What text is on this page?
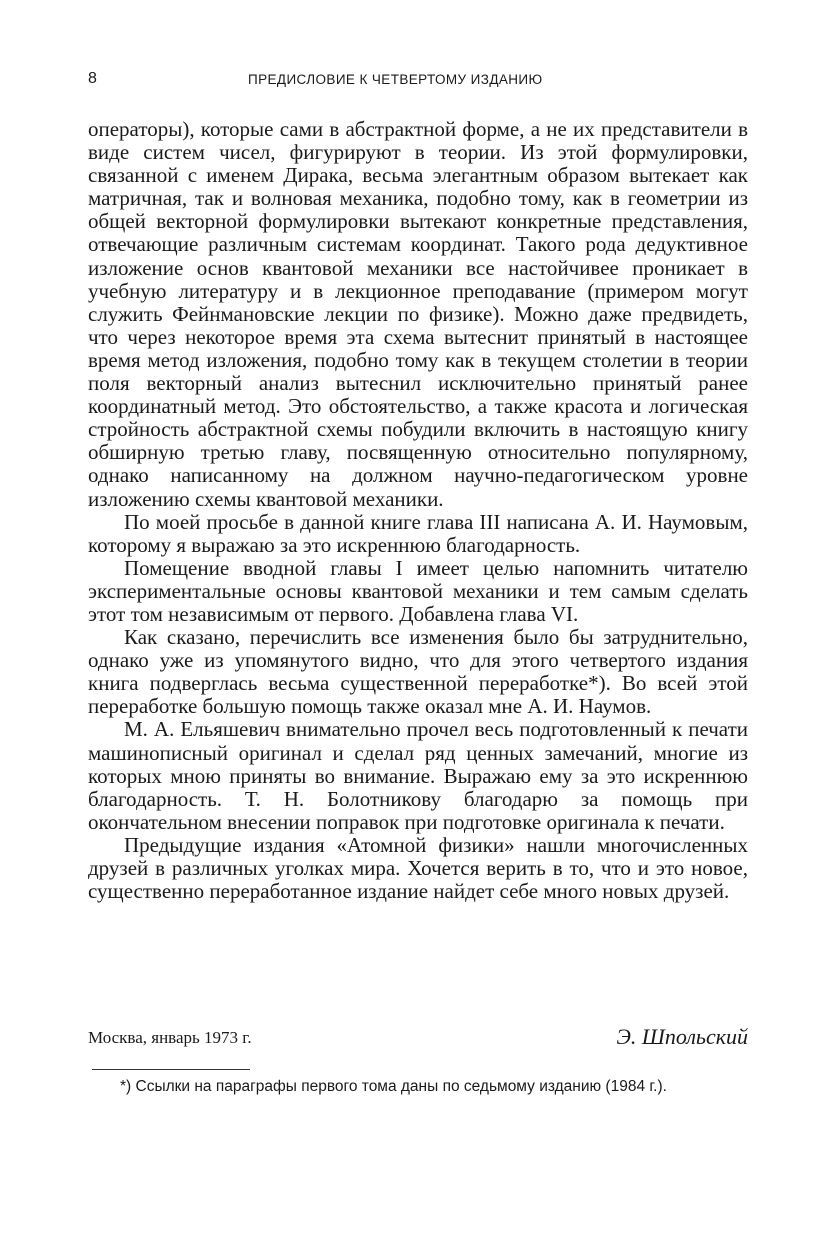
8	ПРЕДИСЛОВИЕ К ЧЕТВЕРТОМУ ИЗДАНИЮ

операторы), которые сами в абстрактной форме, а не их представители в виде систем чисел, фигурируют в теории. Из этой формулировки, связанной с именем Дирака, весьма элегантным образом вытекает как матричная, так и волновая механика, подобно тому, как в геометрии из общей векторной формулировки вытекают конкретные представления, отвечающие различным системам координат. Такого рода дедуктивное изложение основ квантовой механики все настойчивее проникает в учебную литературу и в лекционное преподавание (примером могут служить Фейнмановские лекции по физике). Можно даже предвидеть, что через некоторое время эта схема вытеснит принятый в настоящее время метод изложения, подобно тому как в текущем столетии в теории поля векторный анализ вытеснил исключительно принятый ранее координатный метод. Это обстоятельство, а также красота и логическая стройность абстрактной схемы побудили включить в настоящую книгу обширную третью главу, посвященную относительно популярному, однако написанному на должном научно-педагогическом уровне изложению схемы квантовой механики.

По моей просьбе в данной книге глава III написана А. И. Наумовым, которому я выражаю за это искреннюю благодарность.

Помещение вводной главы I имеет целью напомнить читателю экспериментальные основы квантовой механики и тем самым сделать этот том независимым от первого. Добавлена глава VI.

Как сказано, перечислить все изменения было бы затруднительно, однако уже из упомянутого видно, что для этого четвертого издания книга подверглась весьма существенной переработке*). Во всей этой переработке большую помощь также оказал мне А. И. Наумов.

М. А. Ельяшевич внимательно прочел весь подготовленный к печати машинописный оригинал и сделал ряд ценных замечаний, многие из которых мною приняты во внимание. Выражаю ему за это искреннюю благодарность. Т. Н. Болотникову благодарю за помощь при окончательном внесении поправок при подготовке оригинала к печати.

Предыдущие издания «Атомной физики» нашли многочисленных друзей в различных уголках мира. Хочется верить в то, что и это новое, существенно переработанное издание найдет себе много новых друзей.

Москва, январь 1973 г.	Э. Шпольский

*) Ссылки на параграфы первого тома даны по седьмому изданию (1984 г.).
